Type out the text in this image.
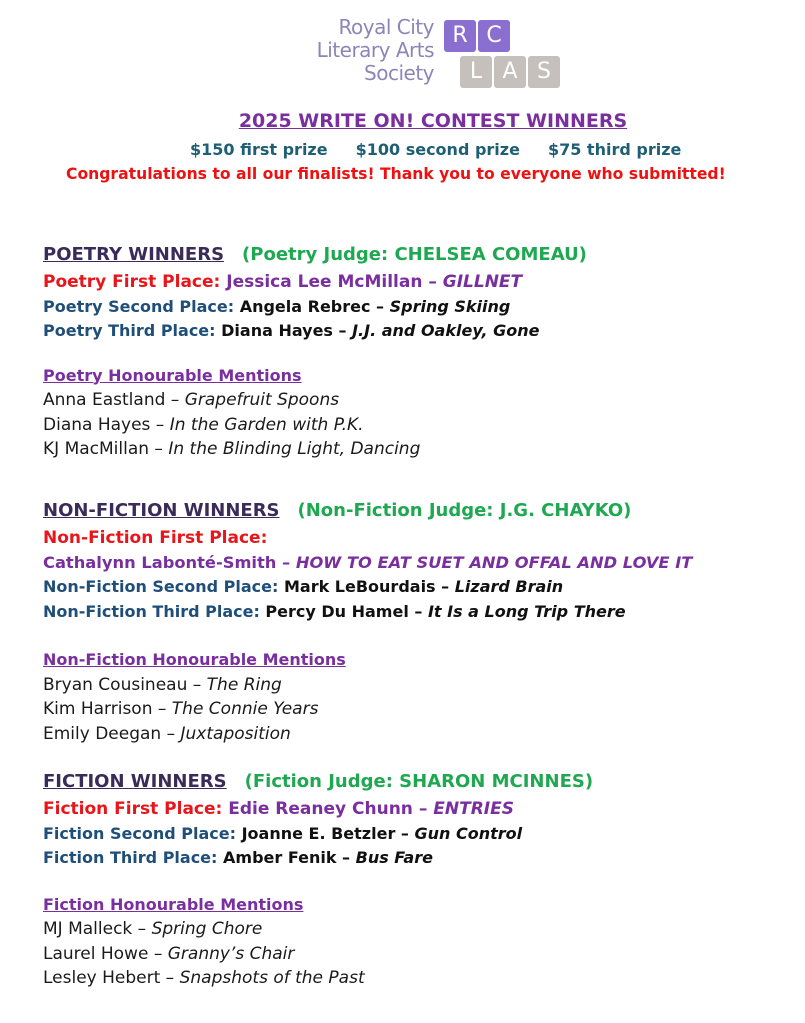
Royal City
Literary Arts
Society
R C
L A S
2025 WRITE ON! CONTEST WINNERS
$150 first prize $100 second prize $75 third prize
Congratulations to all our finalists! Thank you to everyone who submitted!
POETRY WINNERS (Poetry Judge: CHELSEA COMEAU)
Poetry First Place: Jessica Lee McMillan – GILLNET
Poetry Second Place: Angela Rebrec – Spring Skiing
Poetry Third Place: Diana Hayes – J.J. and Oakley, Gone
Poetry Honourable Mentions
Anna Eastland – Grapefruit Spoons
Diana Hayes – In the Garden with P.K.
KJ MacMillan – In the Blinding Light, Dancing
NON-FICTION WINNERS (Non-Fiction Judge: J.G. CHAYKO)
Non-Fiction First Place:
Cathalynn Labonté-Smith – HOW TO EAT SUET AND OFFAL AND LOVE IT
Non-Fiction Second Place: Mark LeBourdais – Lizard Brain
Non-Fiction Third Place: Percy Du Hamel – It Is a Long Trip There
Non-Fiction Honourable Mentions
Bryan Cousineau – The Ring
Kim Harrison – The Connie Years
Emily Deegan – Juxtaposition
FICTION WINNERS (Fiction Judge: SHARON MCINNES)
Fiction First Place: Edie Reaney Chunn – ENTRIES
Fiction Second Place: Joanne E. Betzler – Gun Control
Fiction Third Place: Amber Fenik – Bus Fare
Fiction Honourable Mentions
MJ Malleck – Spring Chore
Laurel Howe – Granny’s Chair
Lesley Hebert – Snapshots of the Past
